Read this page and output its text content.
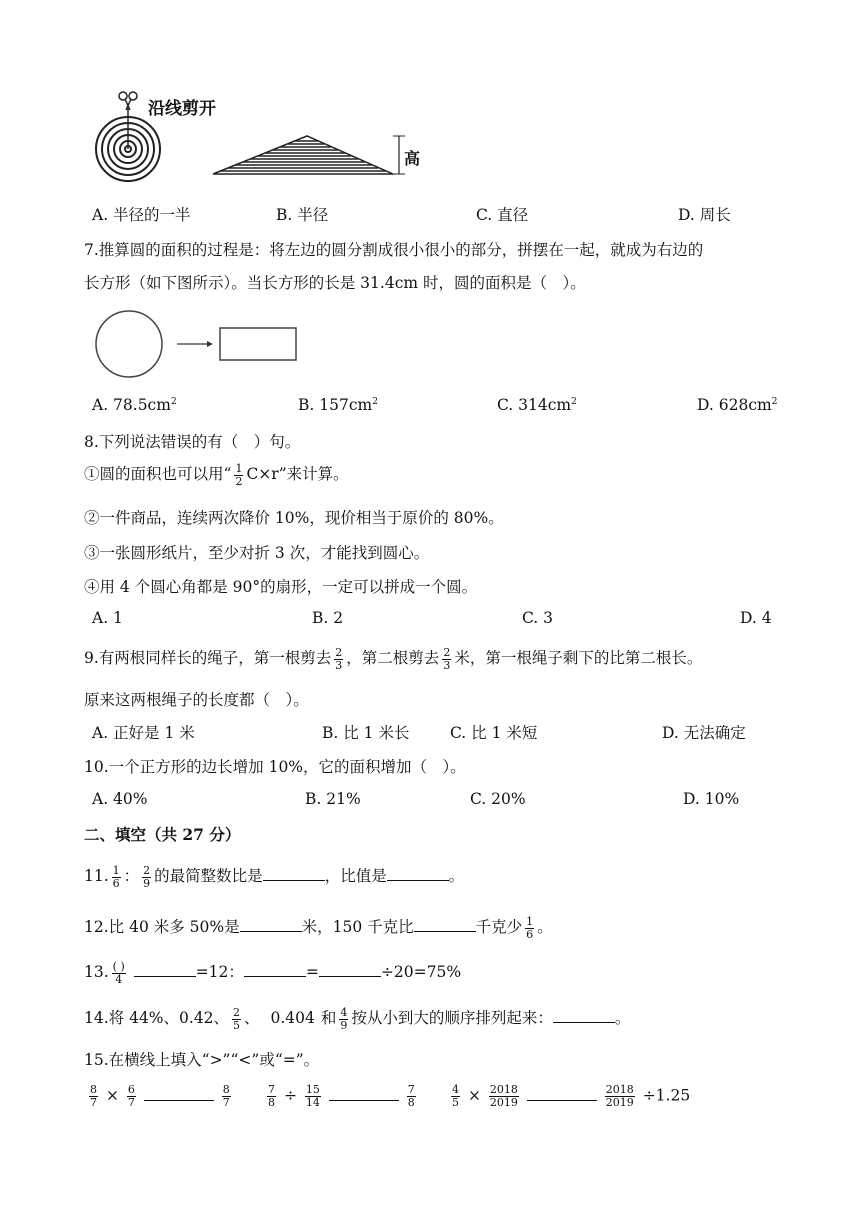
沿线剪开
高
A. 半径的一半	B. 半径	C. 直径	D. 周长
7.推算圆的面积的过程是：将左边的圆分割成很小很小的部分，拼摆在一起，就成为右边的
长方形（如下图所示）。当长方形的长是 31.4cm 时，圆的面积是（　）。
A. $78.5cm^2$	B. $157cm^2$	C. $314cm^2$	D. $628cm^2$
8.下列说法错误的有（　）句。
①圆的面积也可以用“ $\frac{1}{2} C\times r$”来计算。
②一件商品，连续两次降价 10%，现价相当于原价的 80%。
③一张圆形纸片，至少对折 3 次，才能找到圆心。
④用 4 个圆心角都是 90°的扇形，一定可以拼成一个圆。
A. 1	B. 2	C. 3	D. 4
9.有两根同样长的绳子，第一根剪去 $\frac{2}{3}$ ，第二根剪去 $\frac{2}{3}$ 米，第一根绳子剩下的比第二根长。
原来这两根绳子的长度都（　）。
A. 正好是 1 米	B. 比 1 米长	C. 比 1 米短	D. 无法确定
10.一个正方形的边长增加 10%，它的面积增加（　）。
A. 40%	B. 21%	C. 20%	D. 10%
二、填空（共 27 分）
11. $\frac{1}{6}$ ： $\frac{2}{9}$ 的最简整数比是	，比值是	。
12.比 40 米多 50%是	米，150 千克比	千克少 $\frac{1}{6}$ 。
13. $\frac{( )}{4}$	=12：	=	÷20=75%
14.将 44%、0.42、 $\frac{2}{5}$ 、 0.404 和 $\frac{4}{9}$ 按从小到大的顺序排列起来：	。
15.在横线上填入“>”“<”或“=”。
$\frac{8}{7} \times \frac{6}{7}$
	$\frac{8}{7}$	$\frac{7}{8} \div \frac{15}{14}$
	$\frac{7}{8}$	$\frac{4}{5} \times \frac{2018}{2019}$
	$\frac{2018}{2019} \div 1.25$
